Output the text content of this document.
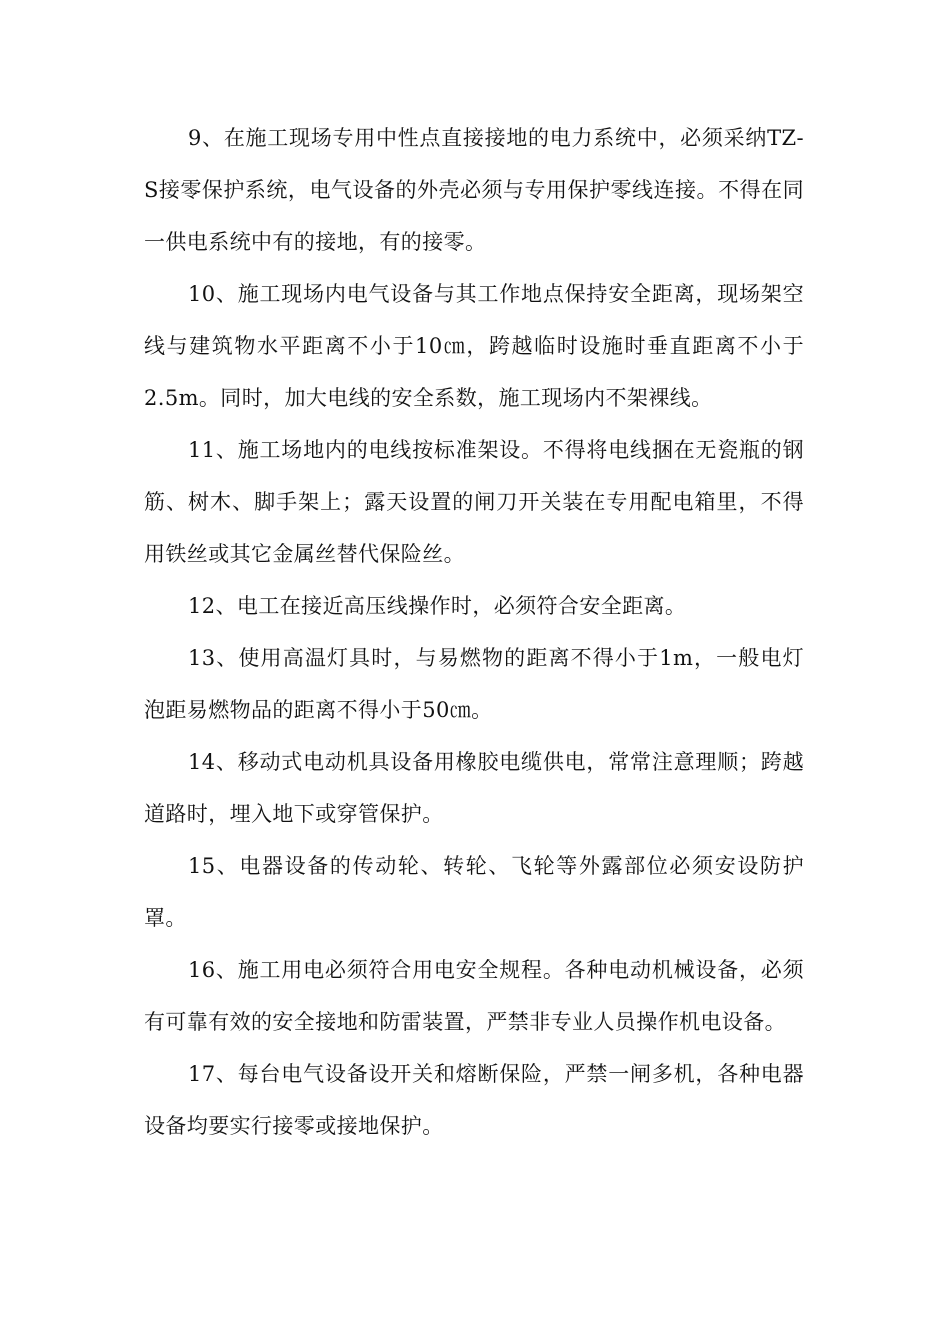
9、在施工现场专用中性点直接接地的电力系统中，必须采纳TZ-S接零保护系统，电气设备的外壳必须与专用保护零线连接。不得在同一供电系统中有的接地，有的接零。

10、施工现场内电气设备与其工作地点保持安全距离，现场架空线与建筑物水平距离不小于10㎝，跨越临时设施时垂直距离不小于2.5m。同时，加大电线的安全系数，施工现场内不架裸线。

11、施工场地内的电线按标准架设。不得将电线捆在无瓷瓶的钢筋、树木、脚手架上；露天设置的闸刀开关装在专用配电箱里，不得用铁丝或其它金属丝替代保险丝。

12、电工在接近高压线操作时，必须符合安全距离。

13、使用高温灯具时，与易燃物的距离不得小于1m，一般电灯泡距易燃物品的距离不得小于50㎝。

14、移动式电动机具设备用橡胶电缆供电，常常注意理顺；跨越道路时，埋入地下或穿管保护。

15、电器设备的传动轮、转轮、飞轮等外露部位必须安设防护罩。

16、施工用电必须符合用电安全规程。各种电动机械设备，必须有可靠有效的安全接地和防雷装置，严禁非专业人员操作机电设备。

17、每台电气设备设开关和熔断保险，严禁一闸多机，各种电器设备均要实行接零或接地保护。
